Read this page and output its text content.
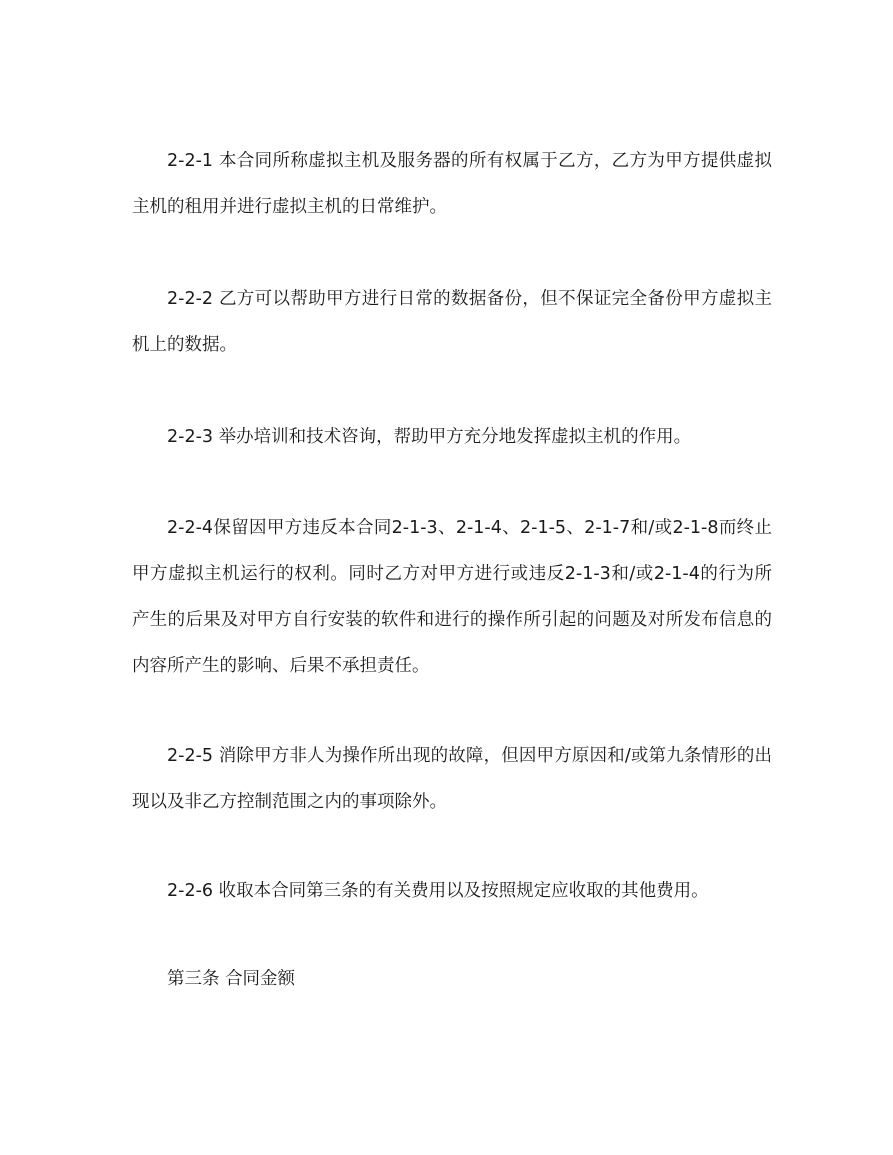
2-2-1 本合同所称虚拟主机及服务器的所有权属于乙方，乙方为甲方提供虚拟主机的租用并进行虚拟主机的日常维护。

2-2-2 乙方可以帮助甲方进行日常的数据备份，但不保证完全备份甲方虚拟主机上的数据。

2-2-3 举办培训和技术咨询，帮助甲方充分地发挥虚拟主机的作用。

2-2-4保留因甲方违反本合同2-1-3、2-1-4、2-1-5、2-1-7和/或2-1-8而终止甲方虚拟主机运行的权利。同时乙方对甲方进行或违反2-1-3和/或2-1-4的行为所产生的后果及对甲方自行安装的软件和进行的操作所引起的问题及对所发布信息的内容所产生的影响、后果不承担责任。

2-2-5 消除甲方非人为操作所出现的故障，但因甲方原因和/或第九条情形的出现以及非乙方控制范围之内的事项除外。

2-2-6 收取本合同第三条的有关费用以及按照规定应收取的其他费用。

第三条 合同金额
